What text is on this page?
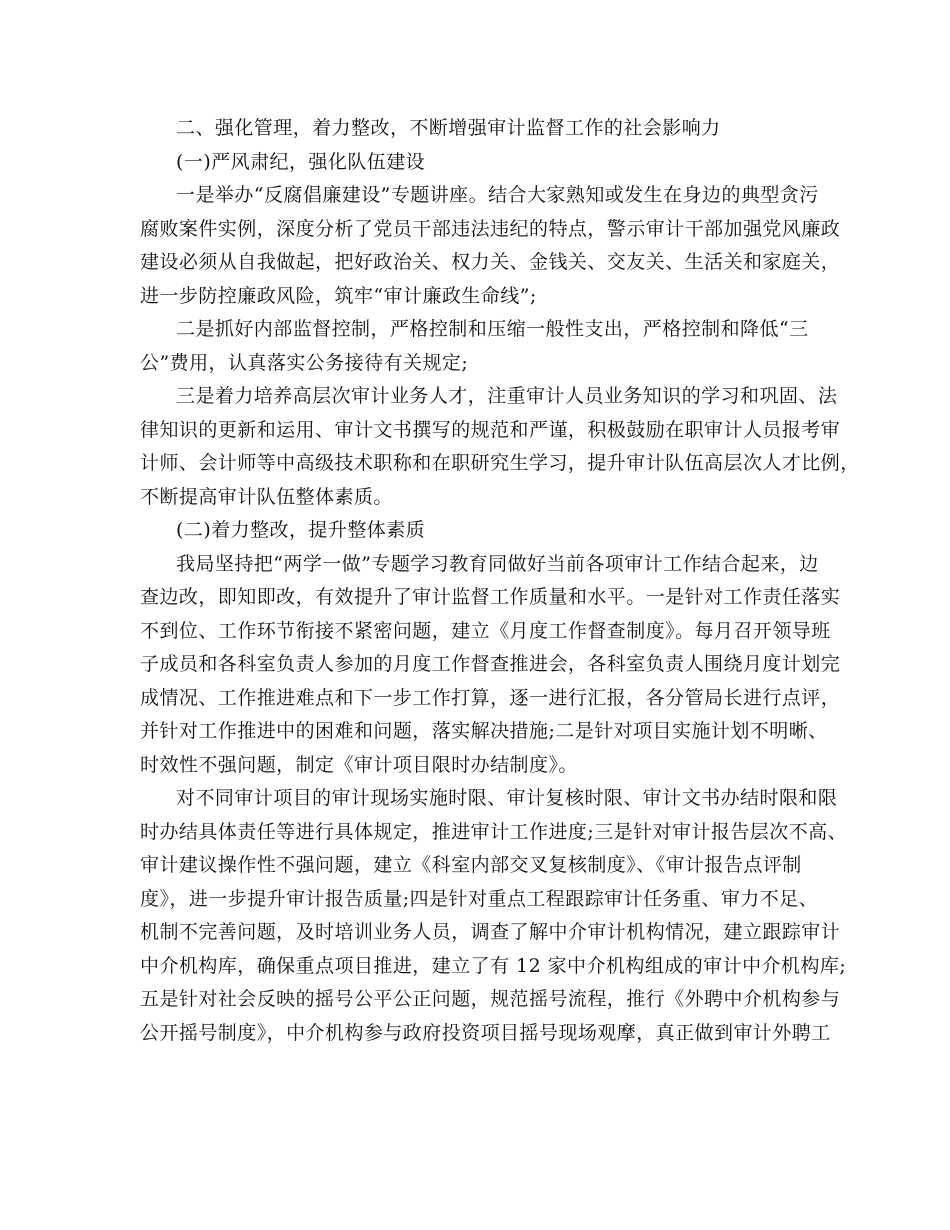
二、强化管理，着力整改，不断增强审计监督工作的社会影响力
(一)严风肃纪，强化队伍建设
一是举办“反腐倡廉建设”专题讲座。结合大家熟知或发生在身边的典型贪污
腐败案件实例，深度分析了党员干部违法违纪的特点，警示审计干部加强党风廉政
建设必须从自我做起，把好政治关、权力关、金钱关、交友关、生活关和家庭关，
进一步防控廉政风险，筑牢“审计廉政生命线”;
二是抓好内部监督控制，严格控制和压缩一般性支出，严格控制和降低“三
公”费用，认真落实公务接待有关规定;
三是着力培养高层次审计业务人才，注重审计人员业务知识的学习和巩固、法
律知识的更新和运用、审计文书撰写的规范和严谨，积极鼓励在职审计人员报考审
计师、会计师等中高级技术职称和在职研究生学习，提升审计队伍高层次人才比例，
不断提高审计队伍整体素质。
(二)着力整改，提升整体素质
我局坚持把“两学一做”专题学习教育同做好当前各项审计工作结合起来，边
查边改，即知即改，有效提升了审计监督工作质量和水平。一是针对工作责任落实
不到位、工作环节衔接不紧密问题，建立《月度工作督查制度》。每月召开领导班
子成员和各科室负责人参加的月度工作督查推进会，各科室负责人围绕月度计划完
成情况、工作推进难点和下一步工作打算，逐一进行汇报，各分管局长进行点评，
并针对工作推进中的困难和问题，落实解决措施;二是针对项目实施计划不明晰、
时效性不强问题，制定《审计项目限时办结制度》。
对不同审计项目的审计现场实施时限、审计复核时限、审计文书办结时限和限
时办结具体责任等进行具体规定，推进审计工作进度;三是针对审计报告层次不高、
审计建议操作性不强问题，建立《科室内部交叉复核制度》、《审计报告点评制
度》，进一步提升审计报告质量;四是针对重点工程跟踪审计任务重、审力不足、
机制不完善问题，及时培训业务人员，调查了解中介审计机构情况，建立跟踪审计
中介机构库，确保重点项目推进，建立了有 12 家中介机构组成的审计中介机构库;
五是针对社会反映的摇号公平公正问题，规范摇号流程，推行《外聘中介机构参与
公开摇号制度》，中介机构参与政府投资项目摇号现场观摩，真正做到审计外聘工
